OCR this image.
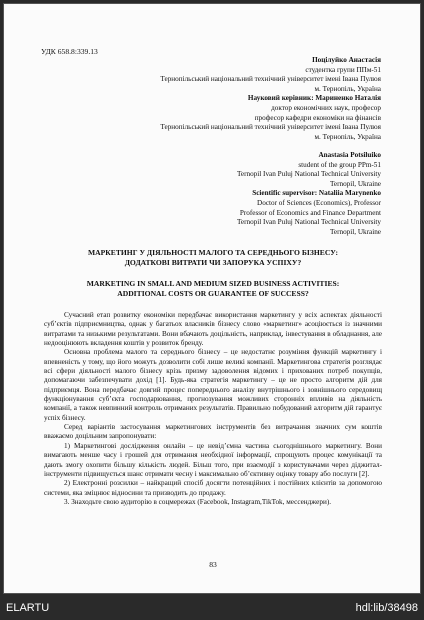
УДК 658.8:339.13
Поцілуйко Анастасія
студентка групи ППм-51
Тернопільський національний технічний університет імені Івана Пулюя
м. Тернопіль, Україна
Науковий керівник: Мариненко Наталія
доктор економічних наук, професор
професор кафедри економіки на фінансів
Тернопільський національний технічний університет імені Івана Пулюя
м. Тернопіль, Україна
Anastasia Potsiluiko
student of the group PPm-51
Ternopil Ivan Puluj National Technical University
Ternopil, Ukraine
Scientific supervisor: Nataliia Marynenko
Doctor of Sciences (Economics), Professor
Professor of Economics and Finance Department
Ternopil Ivan Puluj National Technical University
Ternopil, Ukraine
МАРКЕТИНГ У ДІЯЛЬНОСТІ МАЛОГО ТА СЕРЕДНЬОГО БІЗНЕСУ:
ДОДАТКОВІ ВИТРАТИ ЧИ ЗАПОРУКА УСПІХУ?
MARKETING IN SMALL AND MEDIUM SIZED BUSINESS ACTIVITIES:
ADDITIONAL COSTS OR GUARANTEE OF SUCCESS?

Сучасний етап розвитку економіки передбачає використання маркетингу у всіх аспектах діяльності суб’єктів підприємництва, однак у багатьох власників бізнесу слово «маркетинг» асоціюється із значними витратами та низькими результатами. Вони вбачають доцільність, наприклад, інвестування в обладнання, але недооцінюють вкладення коштів у розвиток бренду.

Основна проблема малого та середнього бізнесу – це недостатнє розуміння функцій маркетингу і впевненість у тому, що його можуть дозволити собі лише великі компанії. Маркетингова стратегія розглядає всі сфери діяльності малого бізнесу крізь призму задоволення відомих і прихованих потреб покупців, допомагаючи забезпечувати дохід [1]. Будь-яка стратегія маркетингу – це не просто алгоритм дій для підприємця. Вона передбачає довгий процес попереднього аналізу внутрішнього і зовнішнього середовищ функціонування суб’єкта господарювання, прогнозування можливих сторонніх впливів на діяльність компанії, а також невпинний контроль отриманих результатів. Правильно побудований алгоритм дій гарантує успіх бізнесу.

Серед варіантів застосування маркетингових інструментів без витрачання значних сум коштів вважаємо доцільним запропонувати:

1) Маркетингові дослідження онлайн – це невід’ємна частина сьогоднішнього маркетингу. Вони вимагають менше часу і грошей для отримання необхідної інформації, спрощують процес комунікації та дають змогу охопити більшу кількість людей. Більш того, при взаємодії з користувачами через діджитал-інструменти підвищується шанс отримати чесну і максимально об’єктивну оцінку товару або послуги [2].

2) Електронні розсилки – найкращий спосіб досягти потенційних і постійних клієнтів за допомогою системи, яка зміцнює відносини та призводить до продажу.

3. Знаходьте свою аудиторію в соцмережах (Facebook, Instagram,TikTok, мессенджери).

83
ELARTU	hdl:lib/38498
